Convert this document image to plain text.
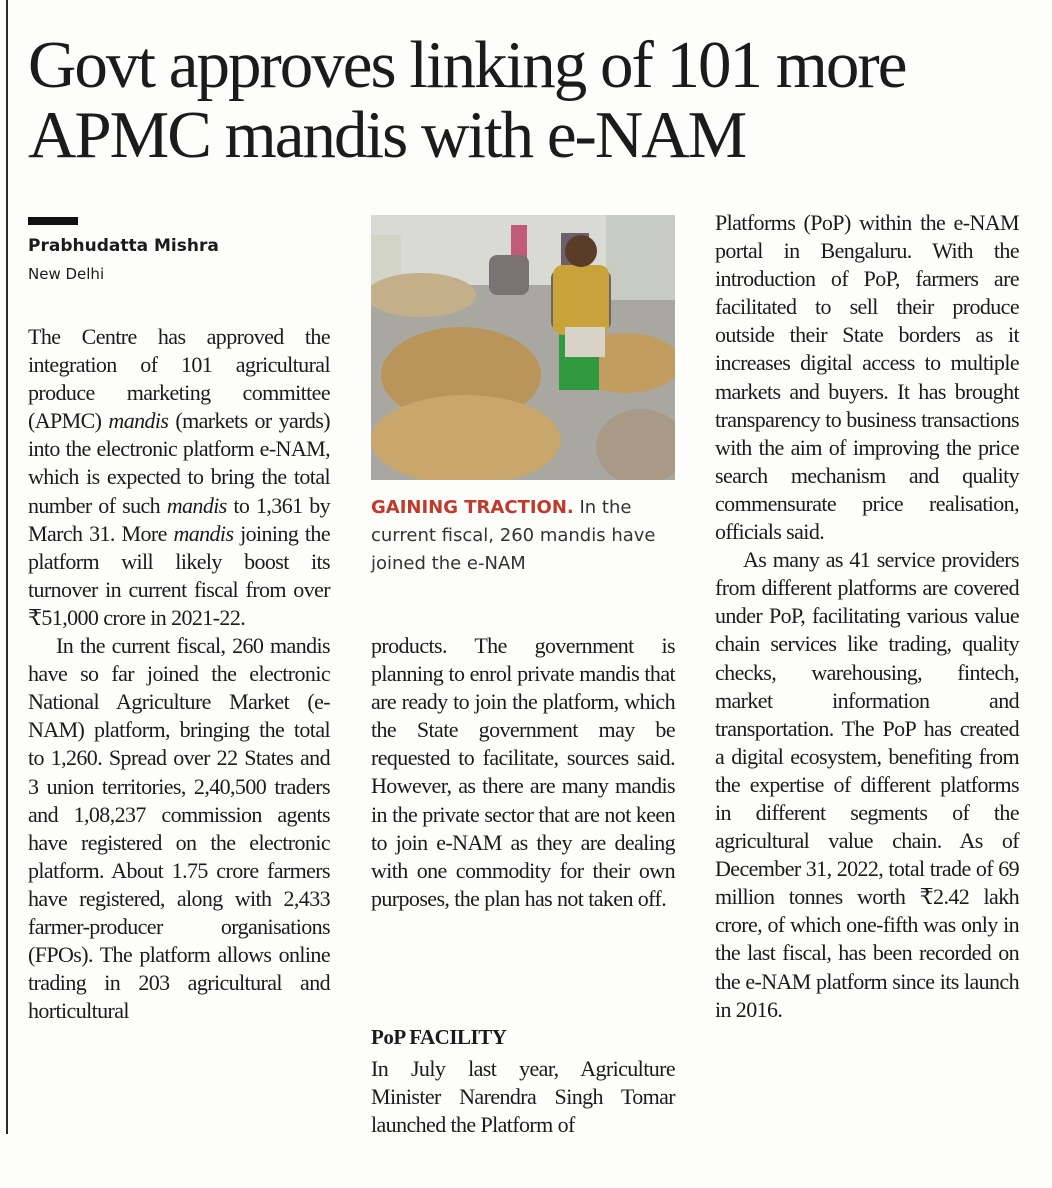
Govt approves linking of 101 more APMC mandis with e-NAM
Prabhudatta Mishra
New Delhi

The Centre has approved the integration of 101 agricultural produce marketing committee (APMC) mandis (markets or yards) into the electronic platform e-NAM, which is expected to bring the total number of such mandis to 1,361 by March 31. More mandis joining the platform will likely boost its turnover in current fiscal from over ₹51,000 crore in 2021-22.

In the current fiscal, 260 mandis have so far joined the electronic National Agriculture Market (e-NAM) platform, bringing the total to 1,260. Spread over 22 States and 3 union territories, 2,40,500 traders and 1,08,237 commission agents have registered on the electronic platform. About 1.75 crore farmers have registered, along with 2,433 farmer-producer organisations (FPOs). The platform allows online trading in 203 agricultural and horticultural

GAINING TRACTION. In the current fiscal, 260 mandis have joined the e-NAM

products. The government is planning to enrol private mandis that are ready to join the platform, which the State government may be requested to facilitate, sources said. However, as there are many mandis in the private sector that are not keen to join e-NAM as they are dealing with one commodity for their own purposes, the plan has not taken off.

PoP FACILITY

In July last year, Agriculture Minister Narendra Singh Tomar launched the Platform of

Platforms (PoP) within the e-NAM portal in Bengaluru. With the introduction of PoP, farmers are facilitated to sell their produce outside their State borders as it increases digital access to multiple markets and buyers. It has brought transparency to business transactions with the aim of improving the price search mechanism and quality commensurate price realisation, officials said.

As many as 41 service providers from different platforms are covered under PoP, facilitating various value chain services like trading, quality checks, warehousing, fintech, market information and transportation. The PoP has created a digital ecosystem, benefiting from the expertise of different platforms in different segments of the agricultural value chain. As of December 31, 2022, total trade of 69 million tonnes worth ₹2.42 lakh crore, of which one-fifth was only in the last fiscal, has been recorded on the e-NAM platform since its launch in 2016.
